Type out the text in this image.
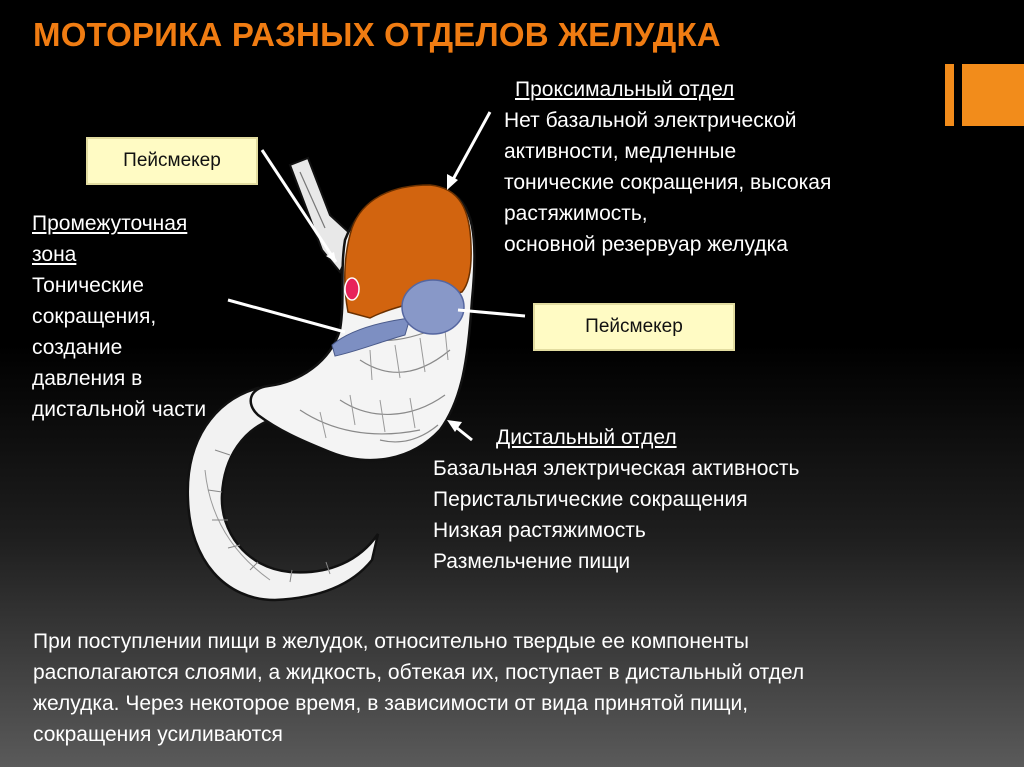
МОТОРИКА РАЗНЫХ ОТДЕЛОВ ЖЕЛУДКА
Пейсмекер
Пейсмекер
Проксимальный отдел
Нет базальной электрической
активности, медленные
тонические сокращения, высокая
растяжимость,
основной резервуар желудка
Промежуточная
зона
Тонические
сокращения,
создание
давления в
дистальной части
Дистальный отдел
Базальная электрическая активность
Перистальтические сокращения
Низкая растяжимость
Размельчение пищи
При поступлении пищи в желудок, относительно твердые ее компоненты
располагаются слоями, а жидкость, обтекая их, поступает в дистальный отдел
желудка. Через некоторое время, в зависимости от вида принятой пищи,
сокращения усиливаются
